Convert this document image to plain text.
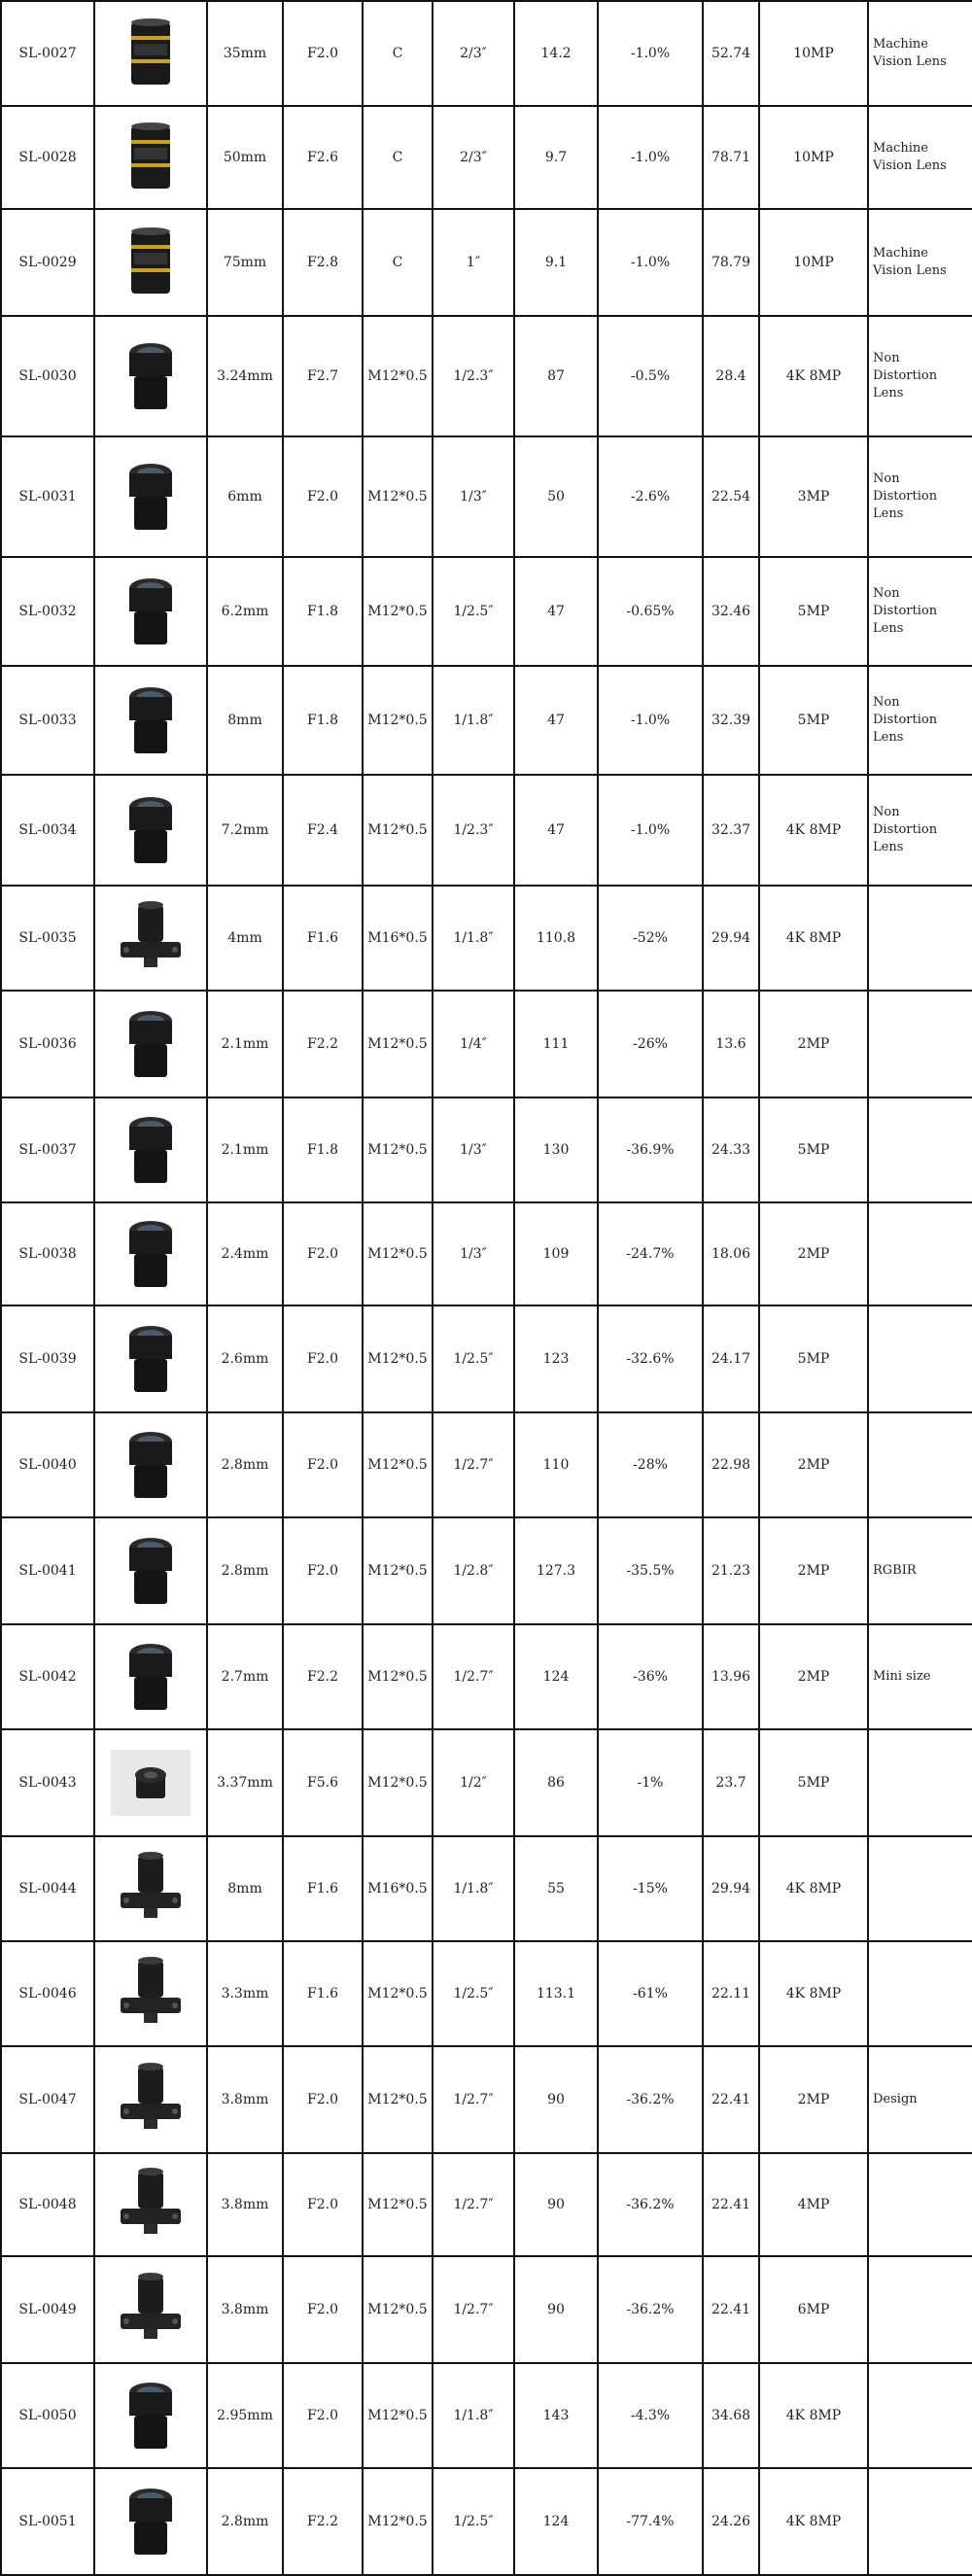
SL-0027		35mm	F2.0	C	2/3″	14.2	-1.0%	52.74	10MP	Machine
Vision Lens

SL-0028		50mm	F2.6	C	2/3″	9.7	-1.0%	78.71	10MP	Machine
Vision Lens

SL-0029		75mm	F2.8	C	1″	9.1	-1.0%	78.79	10MP	Machine
Vision Lens

SL-0030		3.24mm	F2.7	M12*0.5	1/2.3″	87	-0.5%	28.4	4K 8MP	Non
Distortion
Lens

SL-0031		6mm	F2.0	M12*0.5	1/3″	50	-2.6%	22.54	3MP	Non
Distortion
Lens

SL-0032		6.2mm	F1.8	M12*0.5	1/2.5″	47	-0.65%	32.46	5MP	Non
Distortion
Lens

SL-0033		8mm	F1.8	M12*0.5	1/1.8″	47	-1.0%	32.39	5MP	Non
Distortion
Lens

SL-0034		7.2mm	F2.4	M12*0.5	1/2.3″	47	-1.0%	32.37	4K 8MP	Non
Distortion
Lens

SL-0035		4mm	F1.6	M16*0.5	1/1.8″	110.8	-52%	29.94	4K 8MP	
SL-0036		2.1mm	F2.2	M12*0.5	1/4″	111	-26%	13.6	2MP	
SL-0037		2.1mm	F1.8	M12*0.5	1/3″	130	-36.9%	24.33	5MP	
SL-0038		2.4mm	F2.0	M12*0.5	1/3″	109	-24.7%	18.06	2MP	
SL-0039		2.6mm	F2.0	M12*0.5	1/2.5″	123	-32.6%	24.17	5MP	
SL-0040		2.8mm	F2.0	M12*0.5	1/2.7″	110	-28%	22.98	2MP	
SL-0041		2.8mm	F2.0	M12*0.5	1/2.8″	127.3	-35.5%	21.23	2MP	RGBIR

SL-0042		2.7mm	F2.2	M12*0.5	1/2.7″	124	-36%	13.96	2MP	Mini size

SL-0043		3.37mm	F5.6	M12*0.5	1/2″	86	-1%	23.7	5MP	
SL-0044		8mm	F1.6	M16*0.5	1/1.8″	55	-15%	29.94	4K 8MP	
SL-0046		3.3mm	F1.6	M12*0.5	1/2.5″	113.1	-61%	22.11	4K 8MP	
SL-0047		3.8mm	F2.0	M12*0.5	1/2.7″	90	-36.2%	22.41	2MP	Design

SL-0048		3.8mm	F2.0	M12*0.5	1/2.7″	90	-36.2%	22.41	4MP	
SL-0049		3.8mm	F2.0	M12*0.5	1/2.7″	90	-36.2%	22.41	6MP	
SL-0050		2.95mm	F2.0	M12*0.5	1/1.8″	143	-4.3%	34.68	4K 8MP	
SL-0051		2.8mm	F2.2	M12*0.5	1/2.5″	124	-77.4%	24.26	4K 8MP	
